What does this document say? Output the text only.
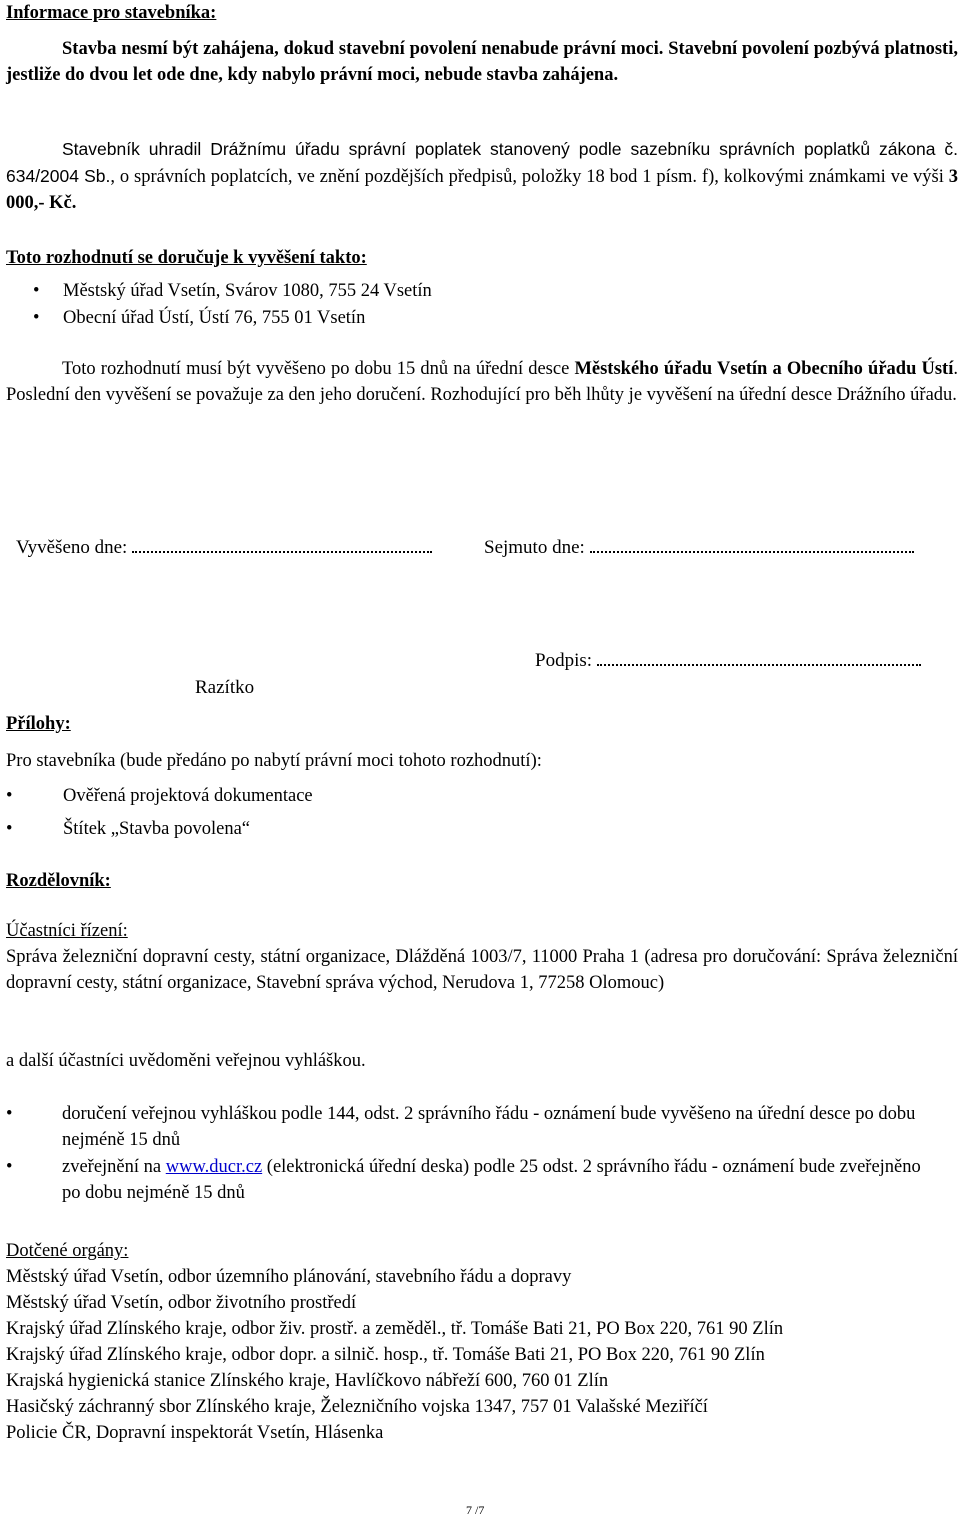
Informace pro stavebníka:

Stavba nesmí být zahájena, dokud stavební povolení nenabude právní moci. Stavební povolení pozbývá platnosti, jestliže do dvou let ode dne, kdy nabylo právní moci, nebude stavba zahájena.

Stavebník uhradil Drážnímu úřadu správní poplatek stanovený podle sazebníku správních poplatků zákona č. 634/2004 Sb., o správních poplatcích, ve znění pozdějších předpisů, položky 18 bod 1 písm. f), kolkovými známkami ve výši 3 000,- Kč.

Toto rozhodnutí se doručuje k vyvěšení takto:
• Městský úřad Vsetín, Svárov 1080, 755 24 Vsetín
• Obecní úřad Ústí, Ústí 76, 755 01 Vsetín

Toto rozhodnutí musí být vyvěšeno po dobu 15 dnů na úřední desce Městského úřadu Vsetín a Obecního úřadu Ústí. Poslední den vyvěšení se považuje za den jeho doručení. Rozhodující pro běh lhůty je vyvěšení na úřední desce Drážního úřadu.

Vyvěšeno dne:	Sejmuto dne:
Podpis:
Razítko
Přílohy:
Pro stavebníka (bude předáno po nabytí právní moci tohoto rozhodnutí):
•	Ověřená projektová dokumentace
•	Štítek „Stavba povolena“
Rozdělovník:
Účastníci řízení:

Správa železniční dopravní cesty, státní organizace, Dlážděná 1003/7, 11000 Praha 1 (adresa pro doručování: Správa železniční dopravní cesty, státní organizace, Stavební správa východ, Nerudova 1, 77258 Olomouc)

a další účastníci uvědoměni veřejnou vyhláškou.
•	doručení veřejnou vyhláškou podle 144, odst. 2 správního řádu - oznámení bude vyvěšeno na úřední desce po dobu nejméně 15 dnů
•	zveřejnění na www.ducr.cz (elektronická úřední deska) podle 25 odst. 2 správního řádu - oznámení bude zveřejněno po dobu nejméně 15 dnů
Dotčené orgány:
Městský úřad Vsetín, odbor územního plánování, stavebního řádu a dopravy
Městský úřad Vsetín, odbor životního prostředí
Krajský úřad Zlínského kraje, odbor živ. prostř. a zeměděl., tř. Tomáše Bati 21, PO Box 220, 761 90 Zlín
Krajský úřad Zlínského kraje, odbor dopr. a silnič. hosp., tř. Tomáše Bati 21, PO Box 220, 761 90 Zlín
Krajská hygienická stanice Zlínského kraje, Havlíčkovo nábřeží 600, 760 01 Zlín
Hasičský záchranný sbor Zlínského kraje, Železničního vojska 1347, 757 01 Valašské Meziříčí
Policie ČR, Dopravní inspektorát Vsetín, Hlásenka
7 /7
